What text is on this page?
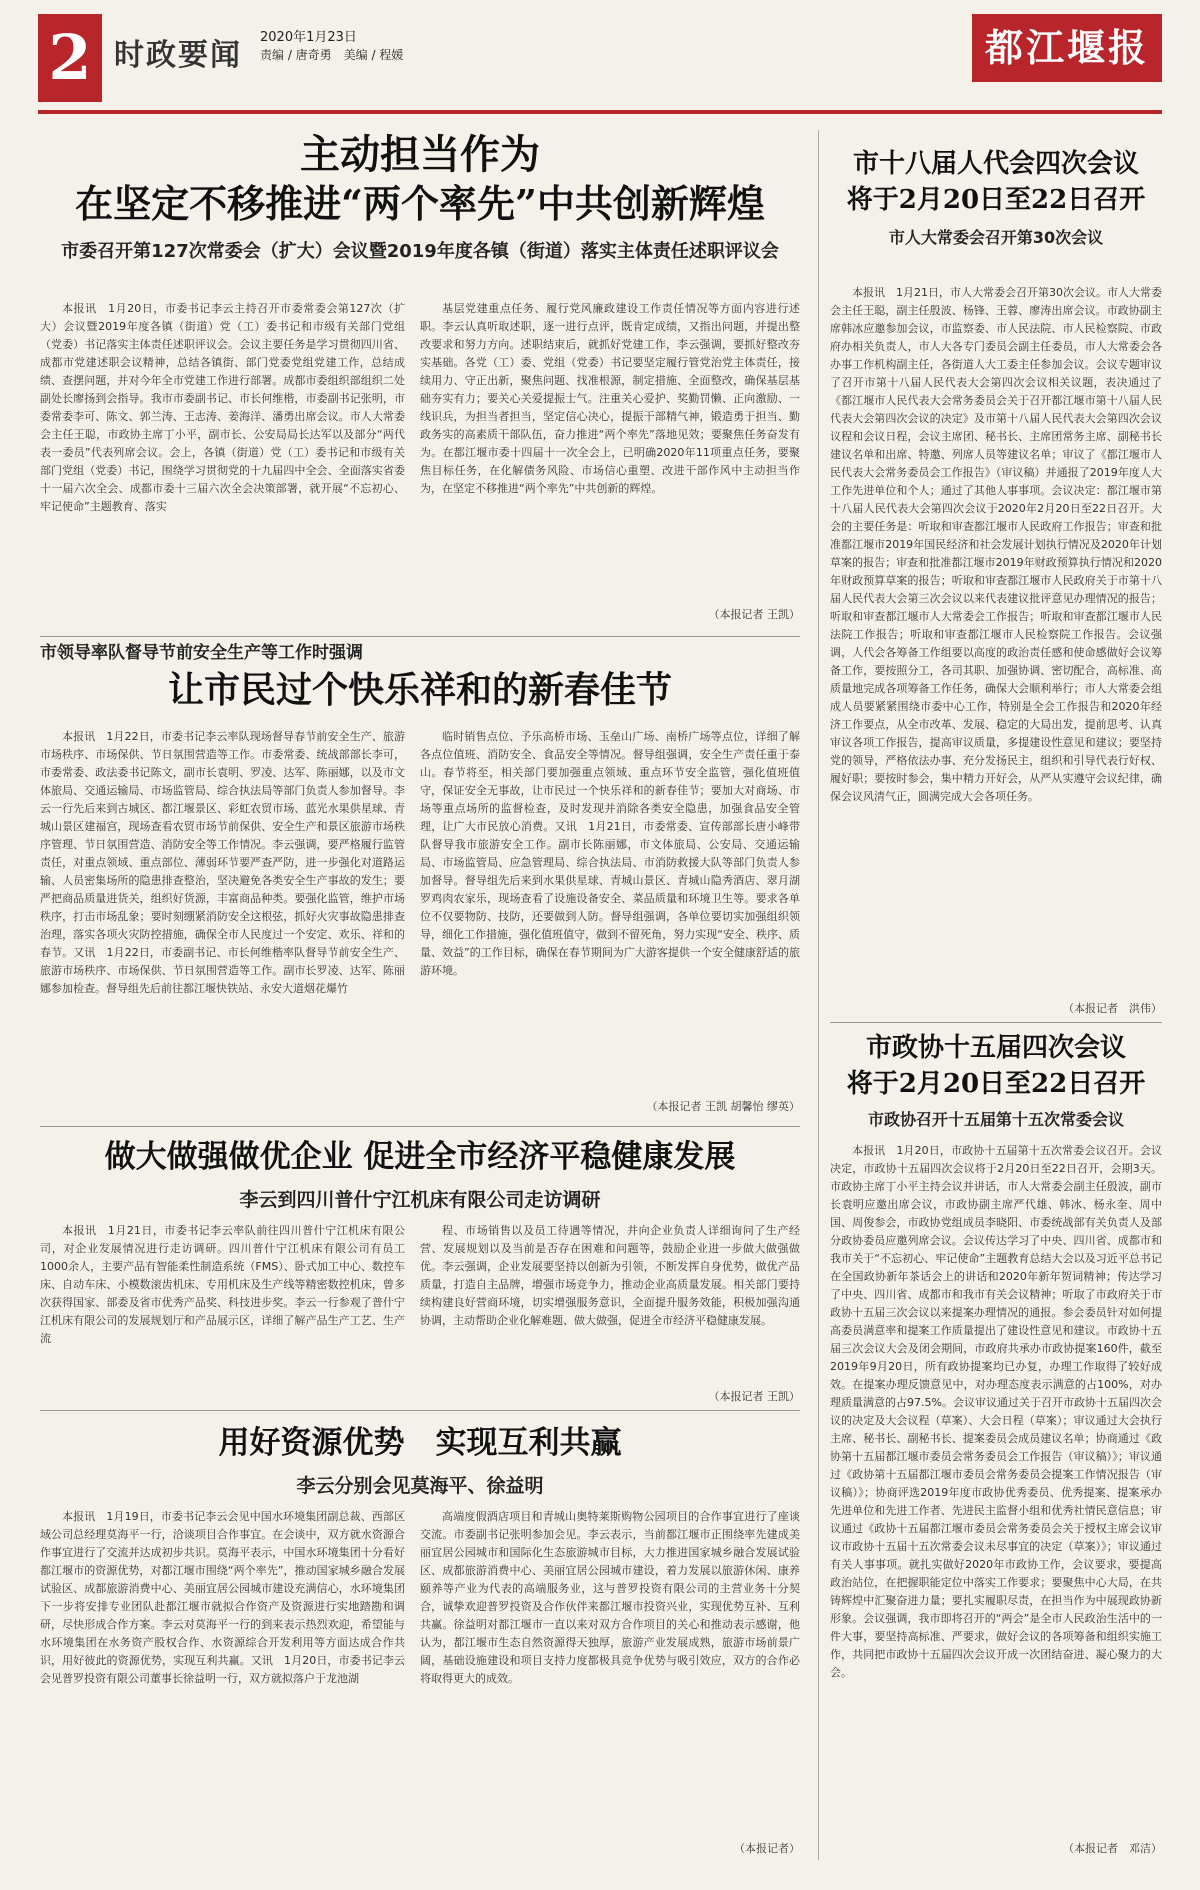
2 时政要闻
2020年1月23日
责编 / 唐奇勇　美编 / 程媛	都江堰报
主动担当作为
在坚定不移推进“两个率先”中共创新辉煌
市委召开第127次常委会（扩大）会议暨2019年度各镇（街道）落实主体责任述职评议会
本报讯　1月20日，市委书记李云主持召开市委常委会第127次（扩大）会议暨2019年度各镇（街道）党（工）委书记和市级有关部门党组（党委）书记落实主体责任述职评议会。会议主要任务是学习贯彻四川省、成都市党建述职会议精神，总结各镇街、部门党委党组党建工作，总结成绩、查摆问题，并对今年全市党建工作进行部署。成都市委组织部组织二处副处长廖扬到会指导。我市市委副书记、市长何维楷，市委副书记张明，市委常委李可、陈文、郭兰涛、王志涛、姜海洋、潘勇出席会议。市人大常委会主任王聪，市政协主席丁小平，副市长、公安局局长达军以及部分“两代表一委员”代表列席会议。会上，各镇（街道）党（工）委书记和市级有关部门党组（党委）书记，围绕学习贯彻党的十九届四中全会、全面落实省委十一届六次全会、成都市委十三届六次全会决策部署，就开展“不忘初心、牢记使命”主题教育、落实
基层党建重点任务、履行党风廉政建设工作责任情况等方面内容进行述职。李云认真听取述职，逐一进行点评，既肯定成绩，又指出问题，并提出整改要求和努力方向。述职结束后，就抓好党建工作，李云强调，要抓好整改夯实基础。各党（工）委、党组（党委）书记要坚定履行管党治党主体责任，接续用力、守正出新，聚焦问题、找准根源，制定措施、全面整改，确保基层基础夯实有力；要关心关爱提振士气。注重关心爱护、奖勤罚懒、正向激励、一线识兵，为担当者担当，坚定信心决心，提振干部精气神，锻造勇于担当、勤政务实的高素质干部队伍，奋力推进“两个率先”落地见效；要聚焦任务奋发有为。在都江堰市委十四届十一次全会上，已明确2020年11项重点任务，要聚焦目标任务，在化解债务风险、市场信心重塑、改进干部作风中主动担当作为，在坚定不移推进“两个率先”中共创新的辉煌。
（本报记者 王凯）
市领导率队督导节前安全生产等工作时强调
让市民过个快乐祥和的新春佳节
本报讯　1月22日，市委书记李云率队现场督导春节前安全生产、旅游市场秩序、市场保供、节日氛围营造等工作。市委常委、统战部部长李可，市委常委、政法委书记陈文，副市长袁明、罗凌、达军、陈丽娜，以及市文体旅局、交通运输局、市场监管局、综合执法局等部门负责人参加督导。李云一行先后来到古城区、都江堰景区、彩虹农贸市场、蓝光水果供星球、青城山景区建福宫，现场查看农贸市场节前保供、安全生产和景区旅游市场秩序管理、节日氛围营造、消防安全等工作情况。李云强调，要严格履行监管责任，对重点领域、重点部位、薄弱环节要严查严防，进一步强化对道路运输、人员密集场所的隐患排查整治，坚决避免各类安全生产事故的发生；要严把商品质量进货关，组织好货源，丰富商品种类。要强化监管，维护市场秩序，打击市场乱象；要时刻绷紧消防安全这根弦，抓好火灾事故隐患排查治理，落实各项火灾防控措施，确保全市人民度过一个安定、欢乐、祥和的春节。又讯　1月22日，市委副书记、市长何维楷率队督导节前安全生产、旅游市场秩序、市场保供、节日氛围营造等工作。副市长罗凌、达军、陈丽娜参加检查。督导组先后前往都江堰快铁站、永安大道烟花爆竹
临时销售点位、予乐高桥市场、玉垒山广场、南桥广场等点位，详细了解各点位值班、消防安全、食品安全等情况。督导组强调，安全生产责任重于泰山。春节将至，相关部门要加强重点领域、重点环节安全监管，强化值班值守，保证安全无事故，让市民过一个快乐祥和的新春佳节；要加大对商场、市场等重点场所的监督检查，及时发现并消除各类安全隐患，加强食品安全管理，让广大市民放心消费。又讯　1月21日，市委常委、宣传部部长唐小峰带队督导我市旅游安全工作。副市长陈丽娜，市文体旅局、公安局、交通运输局、市场监管局、应急管理局、综合执法局、市消防救援大队等部门负责人参加督导。督导组先后来到水果供星球、青城山景区、青城山隐秀酒店、翠月湖罗鸡肉农家乐，现场查看了设施设备安全、菜品质量和环境卫生等。要求各单位不仅要物防、技防，还要做到人防。督导组强调，各单位要切实加强组织领导，细化工作措施，强化值班值守，做到不留死角，努力实现“安全、秩序、质量、效益”的工作目标，确保在春节期间为广大游客提供一个安全健康舒适的旅游环境。
（本报记者 王凯 胡馨怡 缪英）
做大做强做优企业 促进全市经济平稳健康发展
李云到四川普什宁江机床有限公司走访调研
本报讯　1月21日，市委书记李云率队前往四川普什宁江机床有限公司，对企业发展情况进行走访调研。四川普什宁江机床有限公司有员工1000余人，主要产品有智能柔性制造系统（FMS）、卧式加工中心、数控车床、自动车床、小模数滚齿机床、专用机床及生产线等精密数控机床，曾多次获得国家、部委及省市优秀产品奖、科技进步奖。李云一行参观了普什宁江机床有限公司的发展规划厅和产品展示区，详细了解产品生产工艺、生产流
程、市场销售以及员工待遇等情况，并向企业负责人详细询问了生产经营、发展规划以及当前是否存在困难和问题等，鼓励企业进一步做大做强做优。李云强调，企业发展要坚持以创新为引领，不断发挥自身优势，做优产品质量，打造自主品牌，增强市场竞争力，推动企业高质量发展。相关部门要持续构建良好营商环境，切实增强服务意识，全面提升服务效能，积极加强沟通协调，主动帮助企业化解难题、做大做强，促进全市经济平稳健康发展。
（本报记者 王凯）
用好资源优势　实现互利共赢
李云分别会见莫海平、徐益明
本报讯　1月19日，市委书记李云会见中国水环境集团副总裁、西部区域公司总经理莫海平一行，洽谈项目合作事宜。在会谈中，双方就水资源合作事宜进行了交流并达成初步共识。莫海平表示，中国水环境集团十分看好都江堰市的资源优势，对都江堰市围绕“两个率先”，推动国家城乡融合发展试验区、成都旅游消费中心、美丽宜居公园城市建设充满信心，水环境集团下一步将安排专业团队赴都江堰市就拟合作资产及资源进行实地踏勘和调研，尽快形成合作方案。李云对莫海平一行的到来表示热烈欢迎，希望能与水环境集团在水务资产股权合作、水资源综合开发利用等方面达成合作共识，用好彼此的资源优势，实现互利共赢。又讯　1月20日，市委书记李云会见普罗投资有限公司董事长徐益明一行，双方就拟落户于龙池湖
高端度假酒店项目和青城山奥特莱斯购物公园项目的合作事宜进行了座谈交流。市委副书记张明参加会见。李云表示，当前都江堰市正围绕率先建成美丽宜居公园城市和国际化生态旅游城市目标，大力推进国家城乡融合发展试验区、成都旅游消费中心、美丽宜居公园城市建设，着力发展以旅游休闲、康养颐养等产业为代表的高端服务业，这与普罗投资有限公司的主营业务十分契合，诚挚欢迎普罗投资及合作伙伴来都江堰市投资兴业，实现优势互补、互利共赢。徐益明对都江堰市一直以来对双方合作项目的关心和推动表示感谢，他认为，都江堰市生态自然资源得天独厚，旅游产业发展成熟，旅游市场前景广阔，基础设施建设和项目支持力度都极具竞争优势与吸引效应，双方的合作必将取得更大的成效。
（本报记者）
市十八届人代会四次会议
将于2月20日至22日召开
市人大常委会召开第30次会议
本报讯　1月21日，市人大常委会召开第30次会议。市人大常委会主任王聪，副主任殷波、杨锋、王蓉、廖涛出席会议。市政协副主席韩冰应邀参加会议，市监察委、市人民法院、市人民检察院、市政府办相关负责人，市人大各专门委员会副主任委员，市人大常委会各办事工作机构副主任，各街道人大工委主任参加会议。会议专题审议了召开市第十八届人民代表大会第四次会议相关议题，表决通过了《都江堰市人民代表大会常务委员会关于召开都江堰市第十八届人民代表大会第四次会议的决定》及市第十八届人民代表大会第四次会议议程和会议日程，会议主席团、秘书长、主席团常务主席、副秘书长建议名单和出席、特邀、列席人员等建议名单；审议了《都江堰市人民代表大会常务委员会工作报告》（审议稿）并通报了2019年度人大工作先进单位和个人；通过了其他人事事项。会议决定：都江堰市第十八届人民代表大会第四次会议于2020年2月20日至22日召开。大会的主要任务是：听取和审查都江堰市人民政府工作报告；审查和批准都江堰市2019年国民经济和社会发展计划执行情况及2020年计划草案的报告；审查和批准都江堰市2019年财政预算执行情况和2020年财政预算草案的报告；听取和审查都江堰市人民政府关于市第十八届人民代表大会第三次会议以来代表建议批评意见办理情况的报告；听取和审查都江堰市人大常委会工作报告；听取和审查都江堰市人民法院工作报告；听取和审查都江堰市人民检察院工作报告。会议强调，人代会各筹备工作组要以高度的政治责任感和使命感做好会议筹备工作，要按照分工，各司其职、加强协调、密切配合，高标准、高质量地完成各项筹备工作任务，确保大会顺利举行；市人大常委会组成人员要紧紧围绕市委中心工作，特别是全会工作报告和2020年经济工作要点，从全市改革、发展、稳定的大局出发，提前思考、认真审议各项工作报告，提高审议质量，多提建设性意见和建议；要坚持党的领导，严格依法办事、充分发扬民主，组织和引导代表行好权、履好职；要按时参会，集中精力开好会，从严从实遵守会议纪律，确保会议风清气正，圆满完成大会各项任务。
（本报记者　洪伟）
市政协十五届四次会议
将于2月20日至22日召开
市政协召开十五届第十五次常委会议
本报讯　1月20日，市政协十五届第十五次常委会议召开。会议决定，市政协十五届四次会议将于2月20日至22日召开，会期3天。市政协主席丁小平主持会议并讲话，市人大常委会副主任殷波，副市长袁明应邀出席会议，市政协副主席严代雄、韩冰、杨永奎、周中国、周俊参会，市政协党组成员李晓阳、市委统战部有关负责人及部分政协委员应邀列席会议。会议传达学习了中央、四川省、成都市和我市关于“不忘初心、牢记使命”主题教育总结大会以及习近平总书记在全国政协新年茶话会上的讲话和2020年新年贺词精神；传达学习了中央、四川省、成都市和我市有关会议精神；听取了市政府关于市政协十五届三次会议以来提案办理情况的通报。参会委员针对如何提高委员满意率和提案工作质量提出了建设性意见和建议。市政协十五届三次会议大会及闭会期间，市政府共承办市政协提案160件，截至2019年9月20日，所有政协提案均已办复，办理工作取得了较好成效。在提案办理反馈意见中，对办理态度表示满意的占100%，对办理质量满意的占97.5%。会议审议通过关于召开市政协十五届四次会议的决定及大会议程（草案）、大会日程（草案）；审议通过大会执行主席、秘书长、副秘书长、提案委员会成员建议名单；协商通过《政协第十五届都江堰市委员会常务委员会工作报告（审议稿）》；审议通过《政协第十五届都江堰市委员会常务委员会提案工作情况报告（审议稿）》；协商评选2019年度市政协优秀委员、优秀提案、提案承办先进单位和先进工作者、先进民主监督小组和优秀社情民意信息；审议通过《政协十五届都江堰市委员会常务委员会关于授权主席会议审议市政协十五届十五次常委会议未尽事宜的决定（草案）》；审议通过有关人事事项。就扎实做好2020年市政协工作，会议要求，要提高政治站位，在把握职能定位中落实工作要求；要聚焦中心大局，在共铸辉煌中汇聚奋进力量；要扎实履职尽责，在担当作为中展现政协新形象。会议强调，我市即将召开的“两会”是全市人民政治生活中的一件大事，要坚持高标准、严要求，做好会议的各项筹备和组织实施工作，共同把市政协十五届四次会议开成一次团结奋进、凝心聚力的大会。
（本报记者　邓洁）
